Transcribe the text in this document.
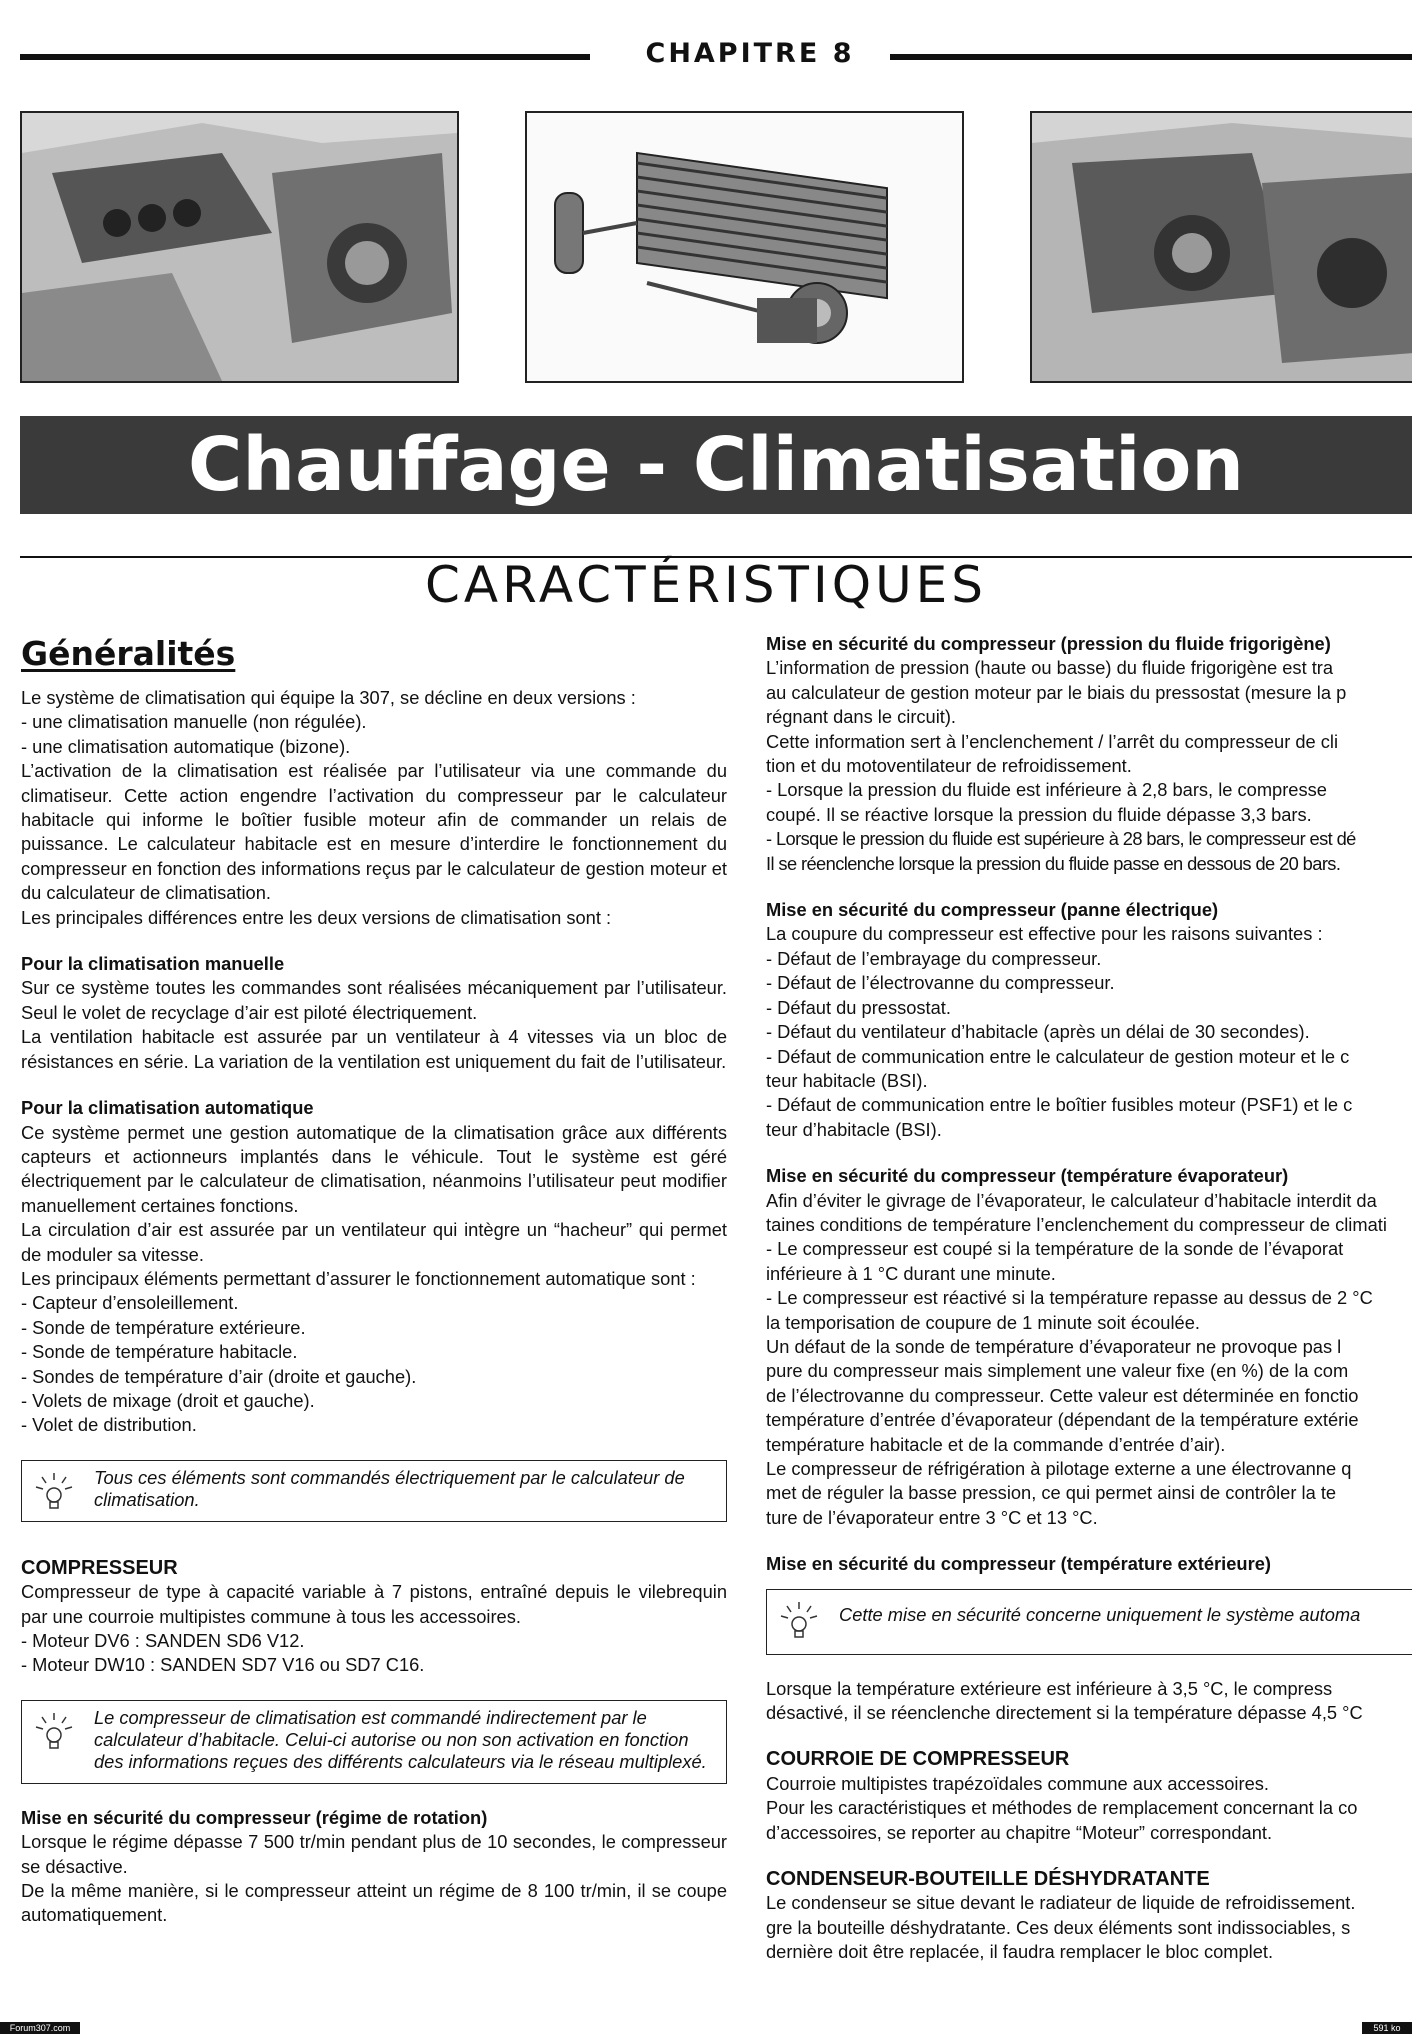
CHAPITRE 8
Chauffage - Climatisation
CARACTÉRISTIQUES
Généralités

Le système de climatisation qui équipe la 307, se décline en deux versions :

- une climatisation manuelle (non régulée).

- une climatisation automatique (bizone).

L’activation de la climatisation est réalisée par l’utilisateur via une commande du climatiseur. Cette action engendre l’activation du compresseur par le calculateur habitacle qui informe le boîtier fusible moteur afin de commander un relais de puissance. Le calculateur habitacle est en mesure d’interdire le fonctionnement du compresseur en fonction des informations reçus par le calculateur de gestion moteur et du calculateur de climatisation.

Les principales différences entre les deux versions de climatisation sont :

Pour la climatisation manuelle

Sur ce système toutes les commandes sont réalisées mécaniquement par l’utilisateur. Seul le volet de recyclage d’air est piloté électriquement.

La ventilation habitacle est assurée par un ventilateur à 4 vitesses via un bloc de résistances en série. La variation de la ventilation est uniquement du fait de l’utilisateur.

Pour la climatisation automatique

Ce système permet une gestion automatique de la climatisation grâce aux différents capteurs et actionneurs implantés dans le véhicule. Tout le système est géré électriquement par le calculateur de climatisation, néanmoins l’utilisateur peut modifier manuellement certaines fonctions.

La circulation d’air est assurée par un ventilateur qui intègre un “hacheur” qui permet de moduler sa vitesse.

Les principaux éléments permettant d’assurer le fonctionnement automatique sont :

- Capteur d’ensoleillement.

- Sonde de température extérieure.

- Sonde de température habitacle.

- Sondes de température d’air (droite et gauche).

- Volets de mixage (droit et gauche).

- Volet de distribution.

Tous ces éléments sont commandés électriquement par le calculateur de climatisation.

COMPRESSEUR

Compresseur de type à capacité variable à 7 pistons, entraîné depuis le vilebrequin par une courroie multipistes commune à tous les accessoires.

- Moteur DV6 : SANDEN SD6 V12.

- Moteur DW10 : SANDEN SD7 V16 ou SD7 C16.

Le compresseur de climatisation est commandé indirectement par le calculateur d’habitacle. Celui-ci autorise ou non son activation en fonction des informations reçues des différents calculateurs via le réseau multiplexé.

Mise en sécurité du compresseur (régime de rotation)

Lorsque le régime dépasse 7 500 tr/min pendant plus de 10 secondes, le compresseur se désactive.

De la même manière, si le compresseur atteint un régime de 8 100 tr/min, il se coupe automatiquement.

Mise en sécurité du compresseur (pression du fluide frigorigène)

L’information de pression (haute ou basse) du fluide frigorigène est tra

au calculateur de gestion moteur par le biais du pressostat (mesure la p

régnant dans le circuit).

Cette information sert à l’enclenchement / l’arrêt du compresseur de cli

tion et du motoventilateur de refroidissement.

- Lorsque la pression du fluide est inférieure à 2,8 bars, le compresse

coupé. Il se réactive lorsque la pression du fluide dépasse 3,3 bars.

- Lorsque le pression du fluide est supérieure à 28 bars, le compresseur est dé

Il se réenclenche lorsque la pression du fluide passe en dessous de 20 bars.

Mise en sécurité du compresseur (panne électrique)

La coupure du compresseur est effective pour les raisons suivantes :

- Défaut de l’embrayage du compresseur.

- Défaut de l’électrovanne du compresseur.

- Défaut du pressostat.

- Défaut du ventilateur d’habitacle (après un délai de 30 secondes).

- Défaut de communication entre le calculateur de gestion moteur et le c

teur habitacle (BSI).

- Défaut de communication entre le boîtier fusibles moteur (PSF1) et le c

teur d’habitacle (BSI).

Mise en sécurité du compresseur (température évaporateur)

Afin d’éviter le givrage de l’évaporateur, le calculateur d’habitacle interdit da

taines conditions de température l’enclenchement du compresseur de climati

- Le compresseur est coupé si la température de la sonde de l’évaporat

inférieure à 1 °C durant une minute.

- Le compresseur est réactivé si la température repasse au dessus de 2 °C

la temporisation de coupure de 1 minute soit écoulée.

Un défaut de la sonde de température d’évaporateur ne provoque pas l

pure du compresseur mais simplement une valeur fixe (en %) de la com

de l’électrovanne du compresseur. Cette valeur est déterminée en fonctio

température d’entrée d’évaporateur (dépendant de la température extérie

température habitacle et de la commande d’entrée d’air).

Le compresseur de réfrigération à pilotage externe a une électrovanne q

met de réguler la basse pression, ce qui permet ainsi de contrôler la te

ture de l’évaporateur entre 3 °C et 13 °C.

Mise en sécurité du compresseur (température extérieure)

Cette mise en sécurité concerne uniquement le système automa

Lorsque la température extérieure est inférieure à 3,5 °C, le compress

désactivé, il se réenclenche directement si la température dépasse 4,5 °C

COURROIE DE COMPRESSEUR

Courroie multipistes trapézoïdales commune aux accessoires.

Pour les caractéristiques et méthodes de remplacement concernant la co

d’accessoires, se reporter au chapitre “Moteur” correspondant.

CONDENSEUR-BOUTEILLE DÉSHYDRATANTE

Le condenseur se situe devant le radiateur de liquide de refroidissement.

gre la bouteille déshydratante. Ces deux éléments sont indissociables, s

dernière doit être replacée, il faudra remplacer le bloc complet.

Forum307.com	591 ko
